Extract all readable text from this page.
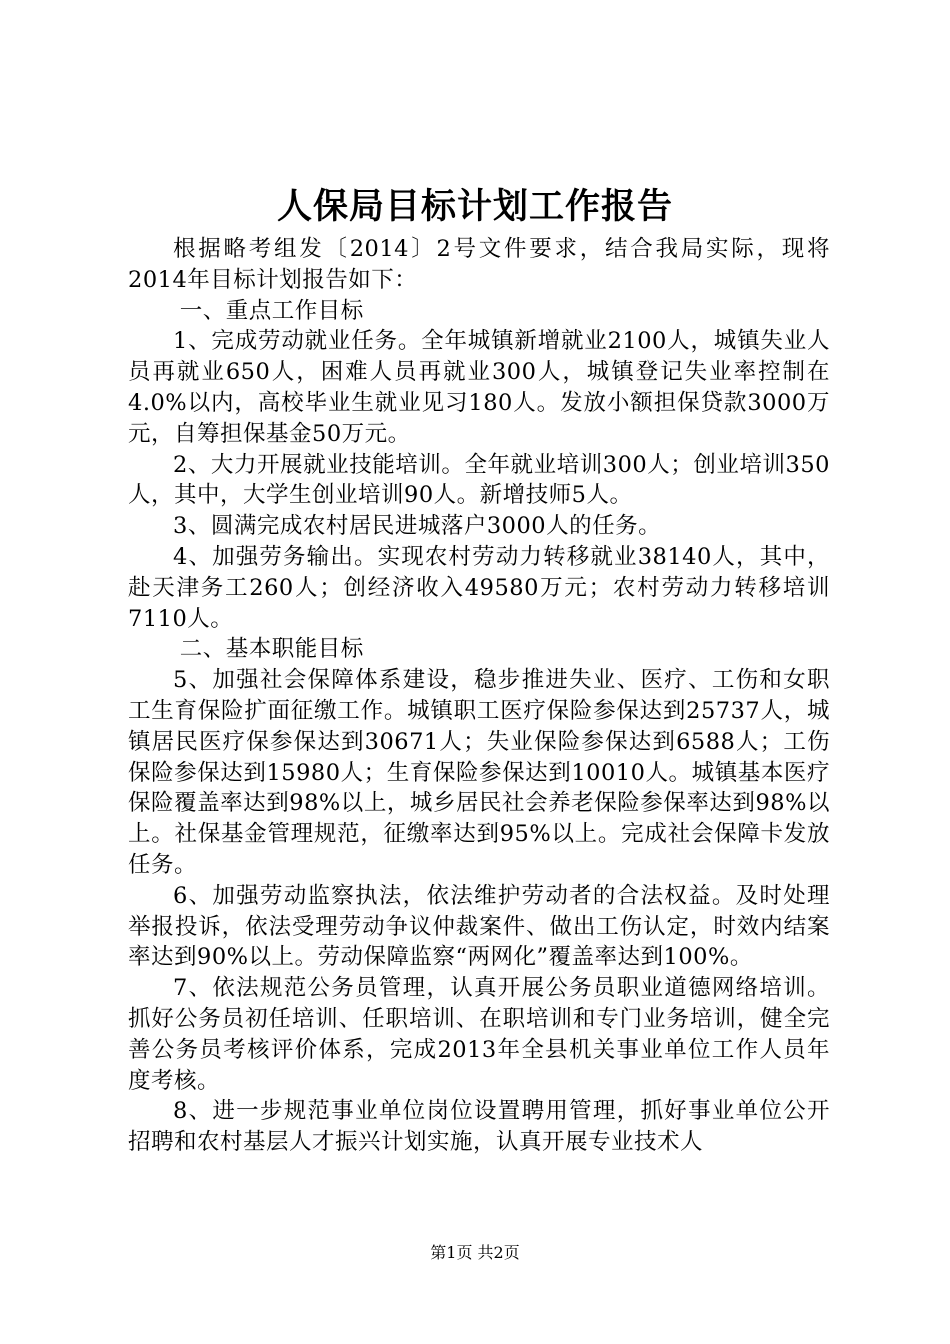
人保局目标计划工作报告

根据略考组发〔2014〕2号文件要求，结合我局实际，现将2014年目标计划报告如下：

一、重点工作目标

1、完成劳动就业任务。全年城镇新增就业2100人，城镇失业人员再就业650人，困难人员再就业300人，城镇登记失业率控制在4.0%以内，高校毕业生就业见习180人。发放小额担保贷款3000万元，自筹担保基金50万元。

2、大力开展就业技能培训。全年就业培训300人；创业培训350人，其中，大学生创业培训90人。新增技师5人。

3、圆满完成农村居民进城落户3000人的任务。

4、加强劳务输出。实现农村劳动力转移就业38140人，其中，赴天津务工260人；创经济收入49580万元；农村劳动力转移培训7110人。

二、基本职能目标

5、加强社会保障体系建设，稳步推进失业、医疗、工伤和女职工生育保险扩面征缴工作。城镇职工医疗保险参保达到25737人，城镇居民医疗保参保达到30671人；失业保险参保达到6588人；工伤保险参保达到15980人；生育保险参保达到10010人。城镇基本医疗保险覆盖率达到98%以上，城乡居民社会养老保险参保率达到98%以上。社保基金管理规范，征缴率达到95%以上。完成社会保障卡发放任务。

6、加强劳动监察执法，依法维护劳动者的合法权益。及时处理举报投诉，依法受理劳动争议仲裁案件、做出工伤认定，时效内结案率达到90%以上。劳动保障监察“两网化”覆盖率达到100%。

7、依法规范公务员管理，认真开展公务员职业道德网络培训。抓好公务员初任培训、任职培训、在职培训和专门业务培训，健全完善公务员考核评价体系，完成2013年全县机关事业单位工作人员年度考核。

8、进一步规范事业单位岗位设置聘用管理，抓好事业单位公开招聘和农村基层人才振兴计划实施，认真开展专业技术人

第1页 共2页
